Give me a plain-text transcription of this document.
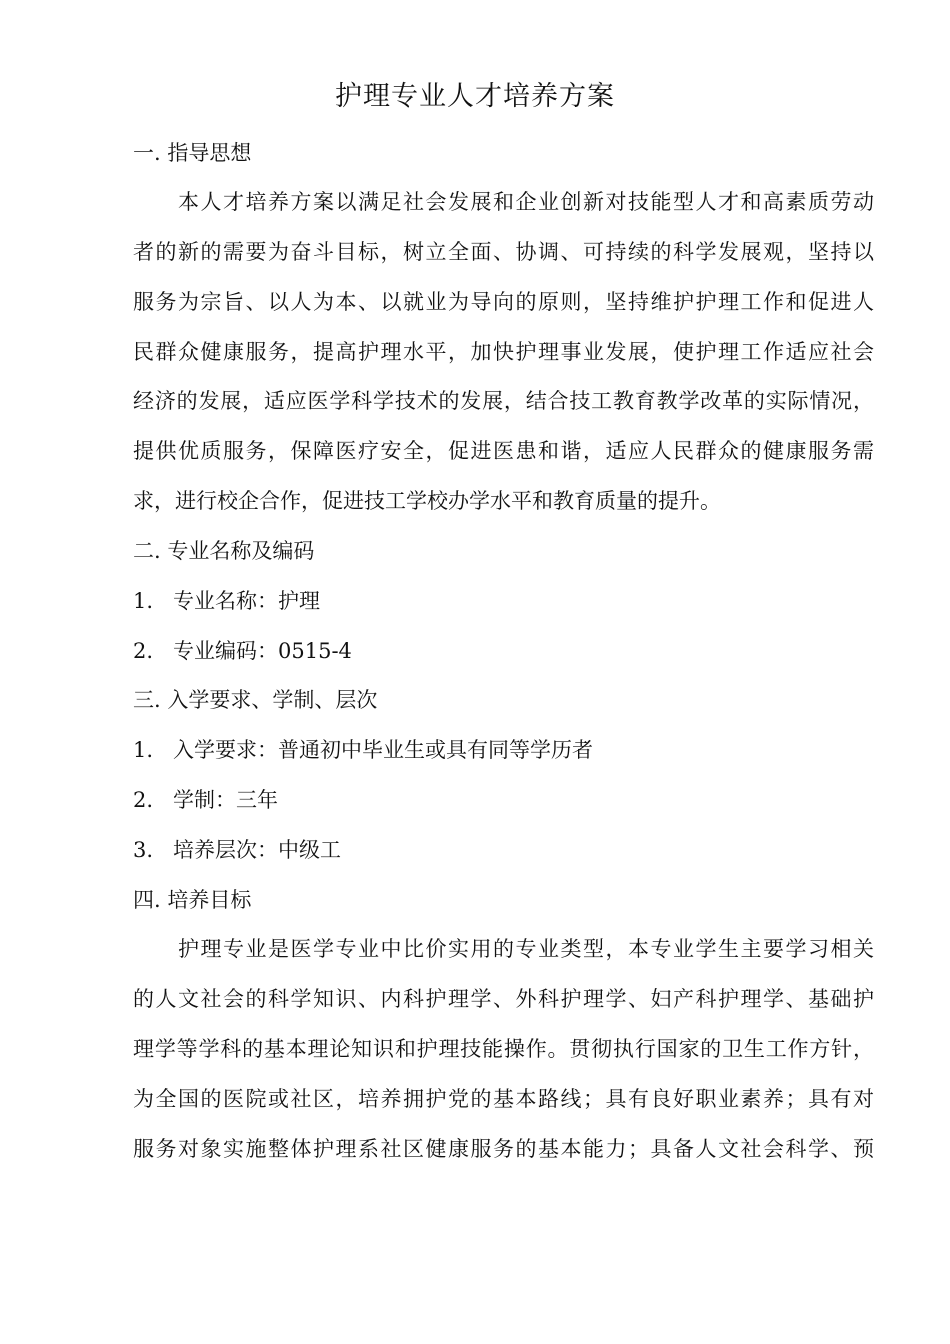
护理专业人才培养方案
一. 指导思想
本人才培养方案以满足社会发展和企业创新对技能型人才和高素质劳动
者的新的需要为奋斗目标，树立全面、协调、可持续的科学发展观，坚持以
服务为宗旨、以人为本、以就业为导向的原则，坚持维护护理工作和促进人
民群众健康服务，提高护理水平，加快护理事业发展，使护理工作适应社会
经济的发展，适应医学科学技术的发展，结合技工教育教学改革的实际情况，
提供优质服务，保障医疗安全，促进医患和谐，适应人民群众的健康服务需
求，进行校企合作，促进技工学校办学水平和教育质量的提升。
二. 专业名称及编码
1. 专业名称：护理
2. 专业编码：0515-4
三. 入学要求、学制、层次
1. 入学要求：普通初中毕业生或具有同等学历者
2. 学制：三年
3. 培养层次：中级工
四. 培养目标
护理专业是医学专业中比价实用的专业类型，本专业学生主要学习相关
的人文社会的科学知识、内科护理学、外科护理学、妇产科护理学、基础护
理学等学科的基本理论知识和护理技能操作。贯彻执行国家的卫生工作方针，
为全国的医院或社区，培养拥护党的基本路线；具有良好职业素养；具有对
服务对象实施整体护理系社区健康服务的基本能力；具备人文社会科学、预
